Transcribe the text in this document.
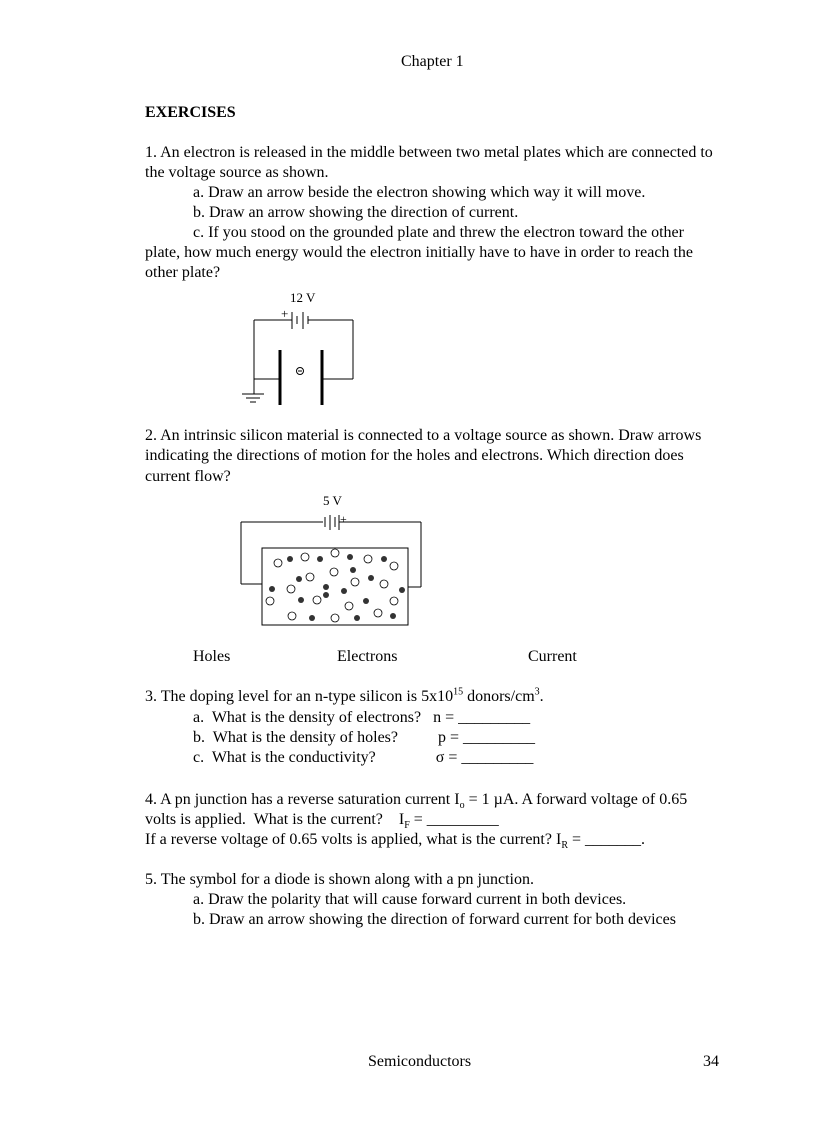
Chapter 1
EXERCISES
1. An electron is released in the middle between two metal plates which are connected to
the voltage source as shown.
a. Draw an arrow beside the electron showing which way it will move.
b. Draw an arrow showing the direction of current.
c. If you stood on the grounded plate and threw the electron toward the other
plate, how much energy would the electron initially have to have in order to reach the
other plate?
12 V
+
2. An intrinsic silicon material is connected to a voltage source as shown. Draw arrows
indicating the directions of motion for the holes and electrons. Which direction does
current flow?
5 V
+
Holes	Electrons	Current
3. The doping level for an n-type silicon is $5x10^{15}$ donors/$cm^3$.
a.  What is the density of electrons?   n = _________
b.  What is the density of holes?          p = _________
c.  What is the conductivity?               σ = _________
4. A pn junction has a reverse saturation current $I_o = 1$ µA. A forward voltage of 0.65
volts is applied.  What is the current?    $I_F$ = _________
If a reverse voltage of 0.65 volts is applied, what is the current? $I_R$ = _______.
5. The symbol for a diode is shown along with a pn junction.
a. Draw the polarity that will cause forward current in both devices.
b. Draw an arrow showing the direction of forward current for both devices
Semiconductors	34
